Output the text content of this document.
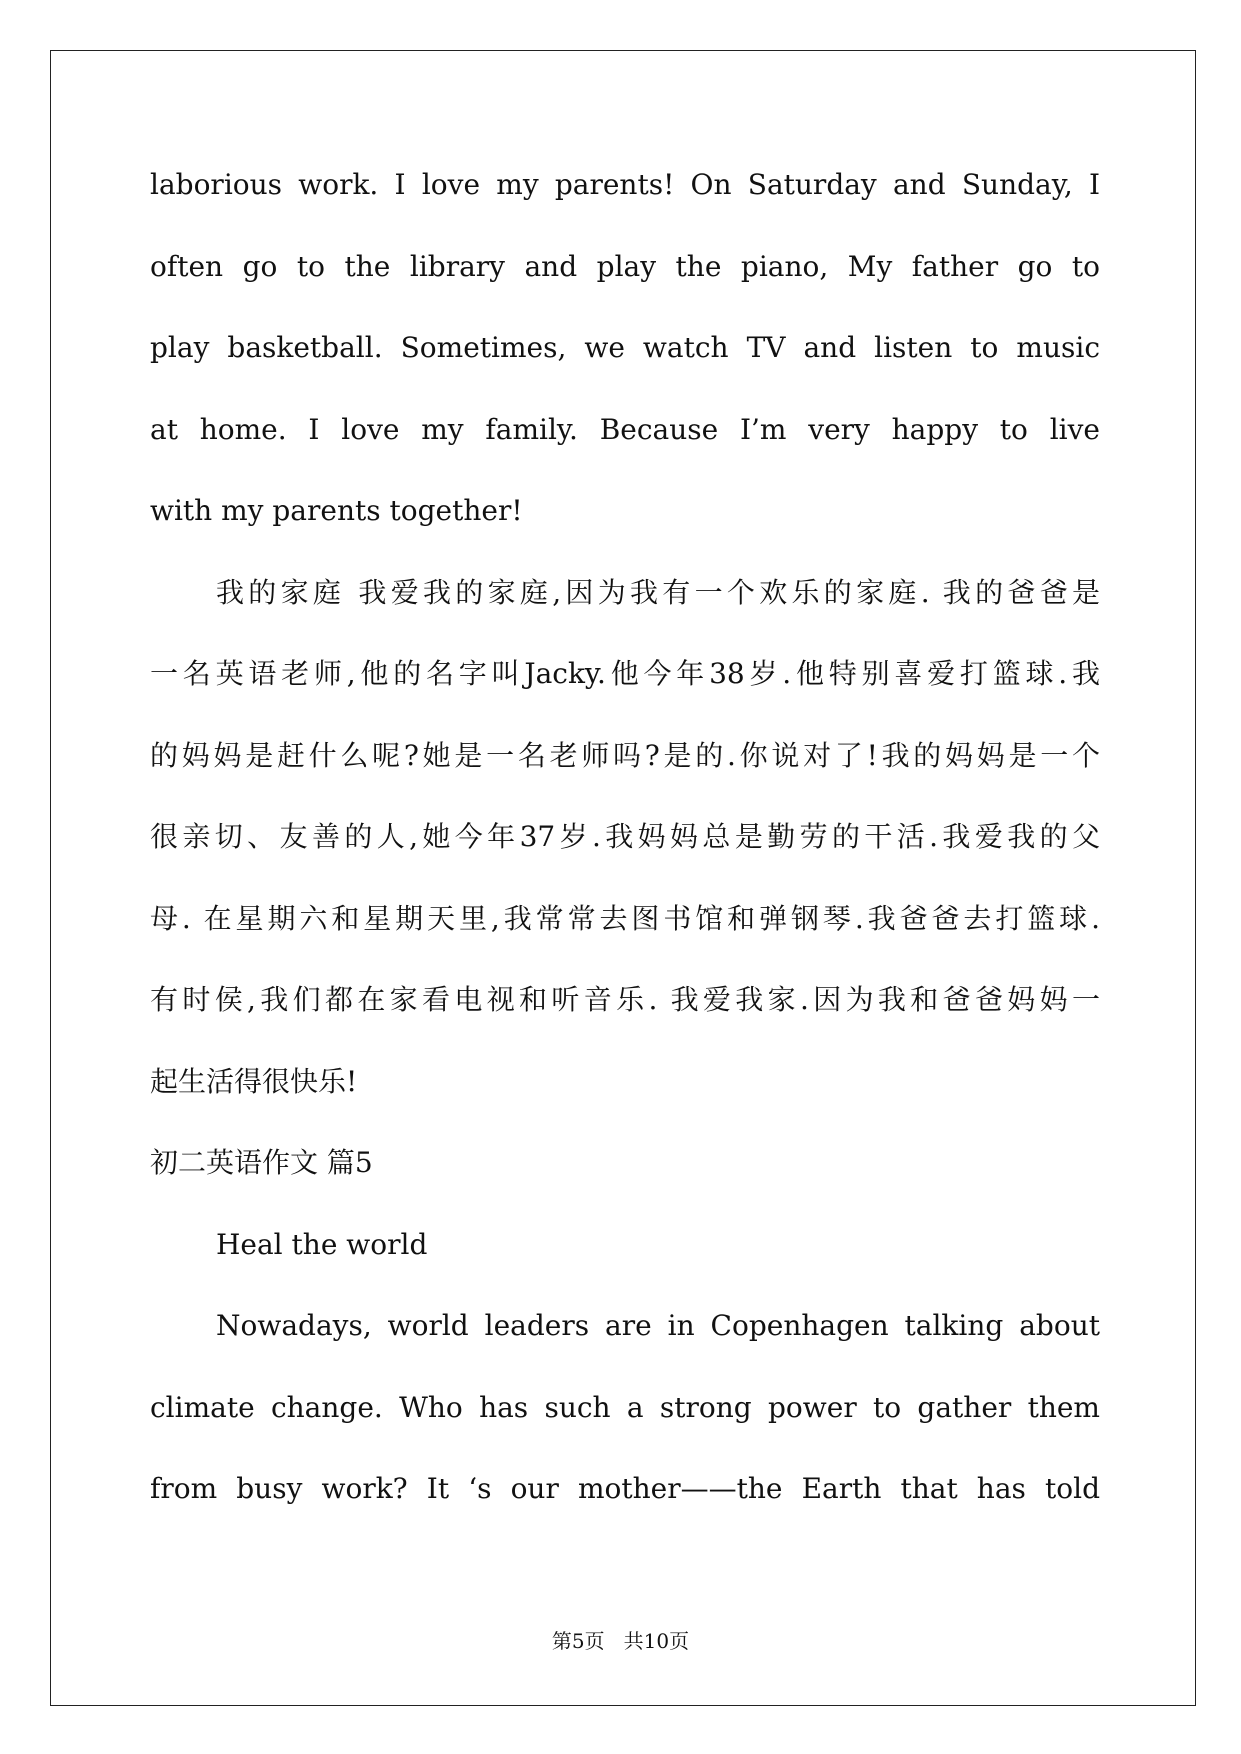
laborious work. I love my parents! On Saturday and Sunday, I
often go to the library and play the piano, My father go to
play basketball. Sometimes, we watch TV and listen to music
at home. I love my family. Because I’m very happy to live
with my parents together!
我的家庭 我爱我的家庭,因为我有一个欢乐的家庭. 我的爸爸是
一名英语老师,他的名字叫Jacky.他今年38岁.他特别喜爱打篮球.我
的妈妈是赶什么呢?她是一名老师吗?是的.你说对了!我的妈妈是一个
很亲切、友善的人,她今年37岁.我妈妈总是勤劳的干活.我爱我的父
母. 在星期六和星期天里,我常常去图书馆和弹钢琴.我爸爸去打篮球.
有时侯,我们都在家看电视和听音乐. 我爱我家.因为我和爸爸妈妈一
起生活得很快乐!
初二英语作文 篇5
Heal the world
Nowadays, world leaders are in Copenhagen talking about
climate change. Who has such a strong power to gather them
from busy work? It ‘s our mother——the Earth that has told
第5页   共10页
